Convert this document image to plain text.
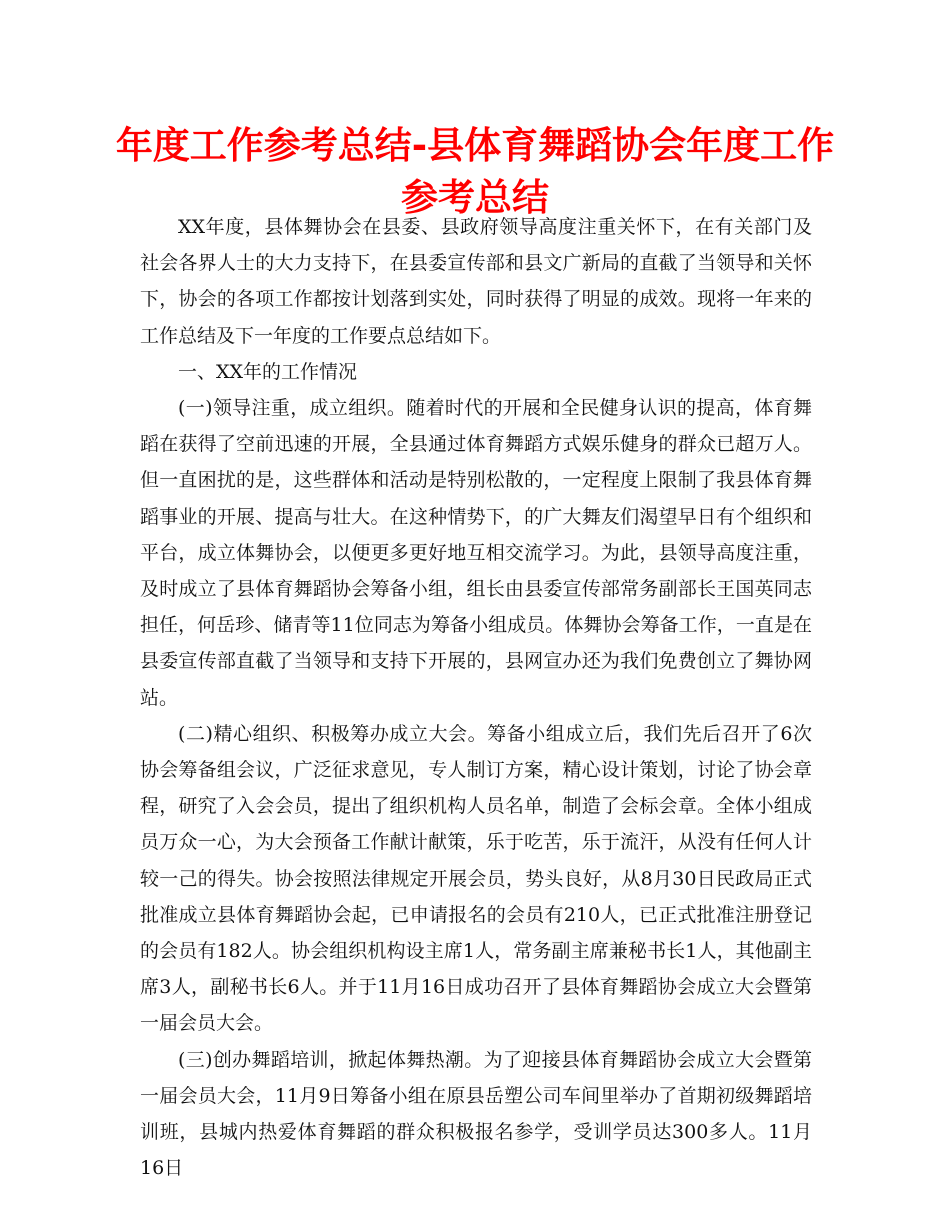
年度工作参考总结-县体育舞蹈协会年度工作参考总结

XX年度，县体舞协会在县委、县政府领导高度注重关怀下，在有关部门及社会各界人士的大力支持下，在县委宣传部和县文广新局的直截了当领导和关怀下，协会的各项工作都按计划落到实处，同时获得了明显的成效。现将一年来的工作总结及下一年度的工作要点总结如下。

一、XX年的工作情况

(一)领导注重，成立组织。随着时代的开展和全民健身认识的提高，体育舞蹈在获得了空前迅速的开展，全县通过体育舞蹈方式娱乐健身的群众已超万人。但一直困扰的是，这些群体和活动是特别松散的，一定程度上限制了我县体育舞蹈事业的开展、提高与壮大。在这种情势下，的广大舞友们渴望早日有个组织和平台，成立体舞协会，以便更多更好地互相交流学习。为此，县领导高度注重，及时成立了县体育舞蹈协会筹备小组，组长由县委宣传部常务副部长王国英同志担任，何岳珍、储青等11位同志为筹备小组成员。体舞协会筹备工作，一直是在县委宣传部直截了当领导和支持下开展的，县网宣办还为我们免费创立了舞协网站。

(二)精心组织、积极筹办成立大会。筹备小组成立后，我们先后召开了6次协会筹备组会议，广泛征求意见，专人制订方案，精心设计策划，讨论了协会章程，研究了入会会员，提出了组织机构人员名单，制造了会标会章。全体小组成员万众一心，为大会预备工作献计献策，乐于吃苦，乐于流汗，从没有任何人计较一己的得失。协会按照法律规定开展会员，势头良好，从8月30日民政局正式批准成立县体育舞蹈协会起，已申请报名的会员有210人，已正式批准注册登记的会员有182人。协会组织机构设主席1人，常务副主席兼秘书长1人，其他副主席3人，副秘书长6人。并于11月16日成功召开了县体育舞蹈协会成立大会暨第一届会员大会。

(三)创办舞蹈培训，掀起体舞热潮。为了迎接县体育舞蹈协会成立大会暨第一届会员大会，11月9日筹备小组在原县岳塑公司车间里举办了首期初级舞蹈培训班，县城内热爱体育舞蹈的群众积极报名参学，受训学员达300多人。11月16日
